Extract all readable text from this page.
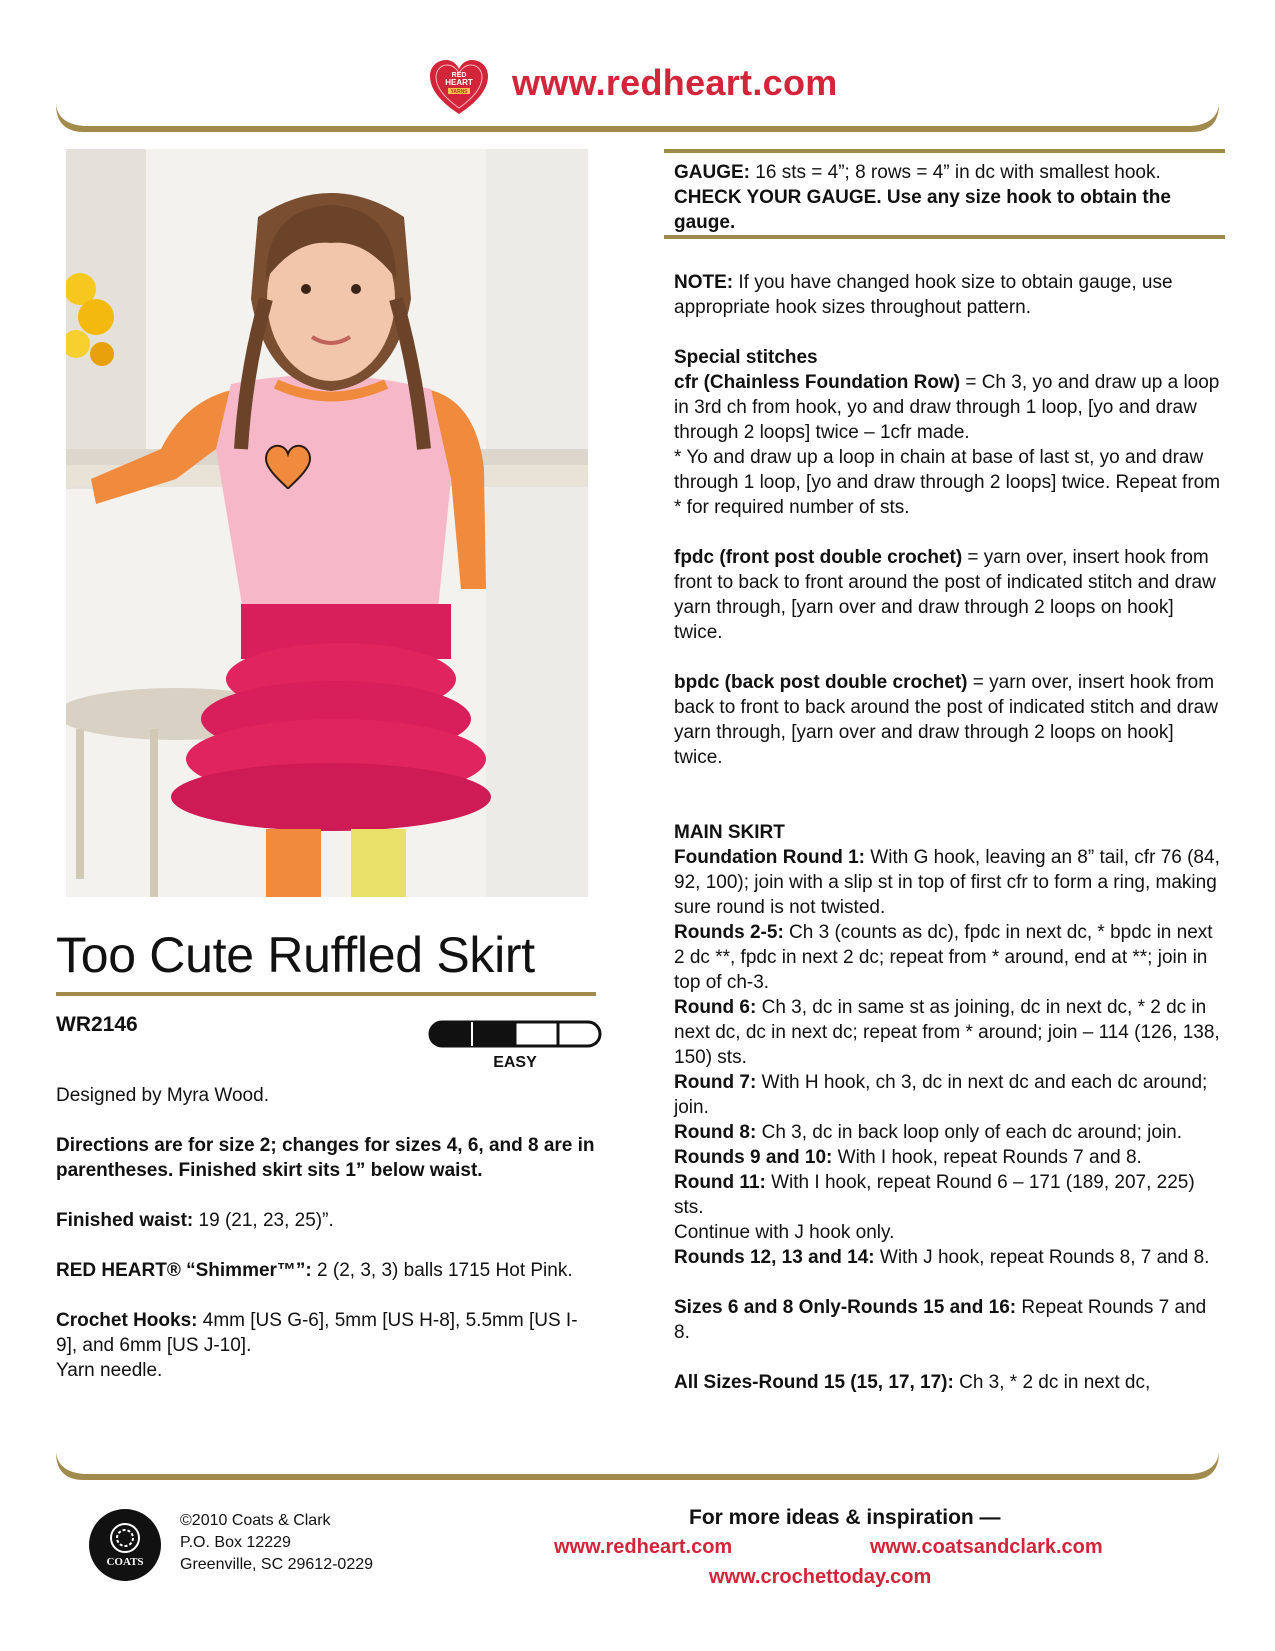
RED
HEART
YARNS www.redheart.com
Too Cute Ruffled Skirt
WR2146
EASY

Designed by Myra Wood.

Directions are for size 2; changes for sizes 4, 6, and 8 are in parentheses. Finished skirt sits 1” below waist.

Finished waist: 19 (21, 23, 25)”.

RED HEART® “Shimmer™”: 2 (2, 3, 3) balls 1715 Hot Pink.

Crochet Hooks: 4mm [US G-6], 5mm [US H-8], 5.5mm [US I-9], and 6mm [US J-10].

Yarn needle.

GAUGE: 16 sts = 4”; 8 rows = 4” in dc with smallest hook.
CHECK YOUR GAUGE. Use any size hook to obtain the gauge.

NOTE: If you have changed hook size to obtain gauge, use appropriate hook sizes throughout pattern.

Special stitches
cfr (Chainless Foundation Row) = Ch 3, yo and draw up a loop in 3rd ch from hook, yo and draw through 1 loop, [yo and draw through 2 loops] twice – 1cfr made.
* Yo and draw up a loop in chain at base of last st, yo and draw through 1 loop, [yo and draw through 2 loops] twice. Repeat from * for required number of sts.

fpdc (front post double crochet) = yarn over, insert hook from front to back to front around the post of indicated stitch and draw yarn through, [yarn over and draw through 2 loops on hook] twice.

bpdc (back post double crochet) = yarn over, insert hook from back to front to back around the post of indicated stitch and draw yarn through, [yarn over and draw through 2 loops on hook] twice.

MAIN SKIRT
Foundation Round 1: With G hook, leaving an 8” tail, cfr 76 (84, 92, 100); join with a slip st in top of first cfr to form a ring, making sure round is not twisted.
Rounds 2-5: Ch 3 (counts as dc), fpdc in next dc, * bpdc in next 2 dc **, fpdc in next 2 dc; repeat from * around, end at **; join in top of ch-3.
Round 6: Ch 3, dc in same st as joining, dc in next dc, * 2 dc in next dc, dc in next dc; repeat from * around; join – 114 (126, 138, 150) sts.
Round 7: With H hook, ch 3, dc in next dc and each dc around; join.
Round 8: Ch 3, dc in back loop only of each dc around; join.
Rounds 9 and 10: With I hook, repeat Rounds 7 and 8.
Round 11: With I hook, repeat Round 6 – 171 (189, 207, 225) sts.
Continue with J hook only.
Rounds 12, 13 and 14: With J hook, repeat Rounds 8, 7 and 8.

Sizes 6 and 8 Only-Rounds 15 and 16: Repeat Rounds 7 and 8.

All Sizes-Round 15 (15, 17, 17): Ch 3, * 2 dc in next dc,

COATS
©2010 Coats & Clark
P.O. Box 12229
Greenville, SC 29612-0229
For more ideas & inspiration —
www.redheart.com	www.coatsandclark.com
www.crochettoday.com
